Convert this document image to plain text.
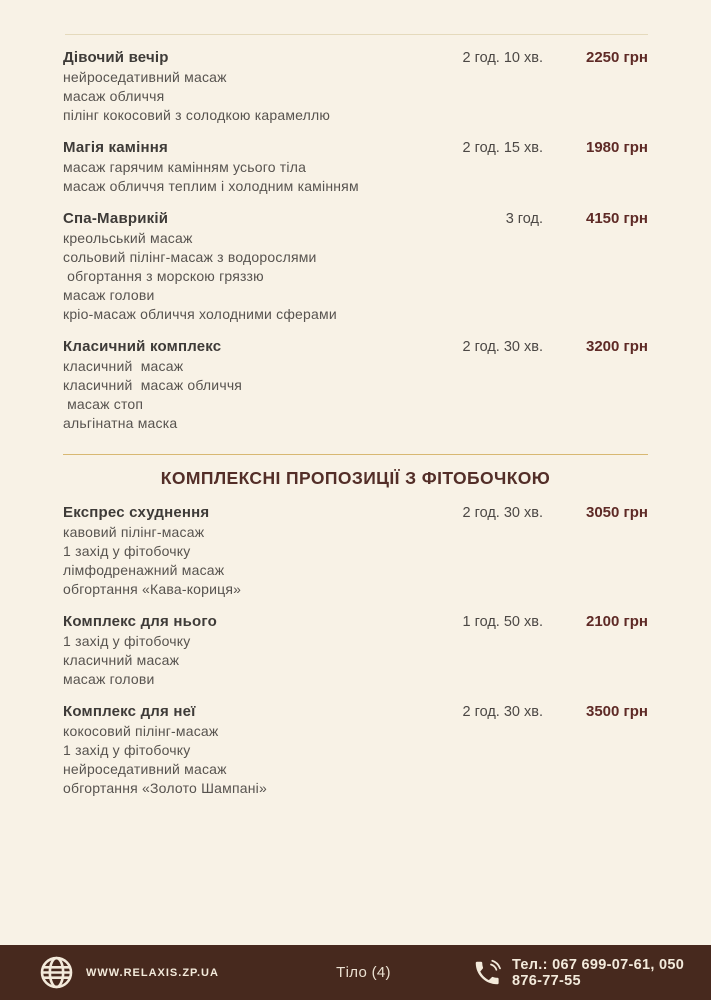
Дівочий вечір	2 год. 10 хв.	2250 грн
нейроседативний масаж
масаж обличчя
пілінг кокосовий з солодкою карамеллю
Магія каміння	2 год. 15 хв.	1980 грн
масаж гарячим камінням усього тіла
масаж обличчя теплим і холодним камінням
Спа-Маврикій	3 год.	4150 грн
креольський масаж
сольовий пілінг-масаж з водорослями
обгортання з морскою гряззю
масаж голови
кріо-масаж обличчя холодними сферами
Класичний комплекс	2 год. 30 хв.	3200 грн
класичний  масаж
класичний  масаж обличчя
масаж стоп
альгінатна маска
КОМПЛЕКСНІ ПРОПОЗИЦІЇ З ФІТОБОЧКОЮ
Експрес схуднення	2 год. 30 хв.	3050 грн
кавовий пілінг-масаж
1 захід у фітобочку
лімфодренажний масаж
обгортання «Кава-кориця»
Комплекс для нього	1 год. 50 хв.	2100 грн
1 захід у фітобочку
класичний масаж
масаж голови
Комплекс для неї	2 год. 30 хв.	3500 грн
кокосовий пілінг-масаж
1 захід у фітобочку
нейроседативний масаж
обгортання «Золото Шампані»
WWW.RELAXIS.ZP.UA	Тіло (4)	Тел.: 067 699-07-61, 050 876-77-55
